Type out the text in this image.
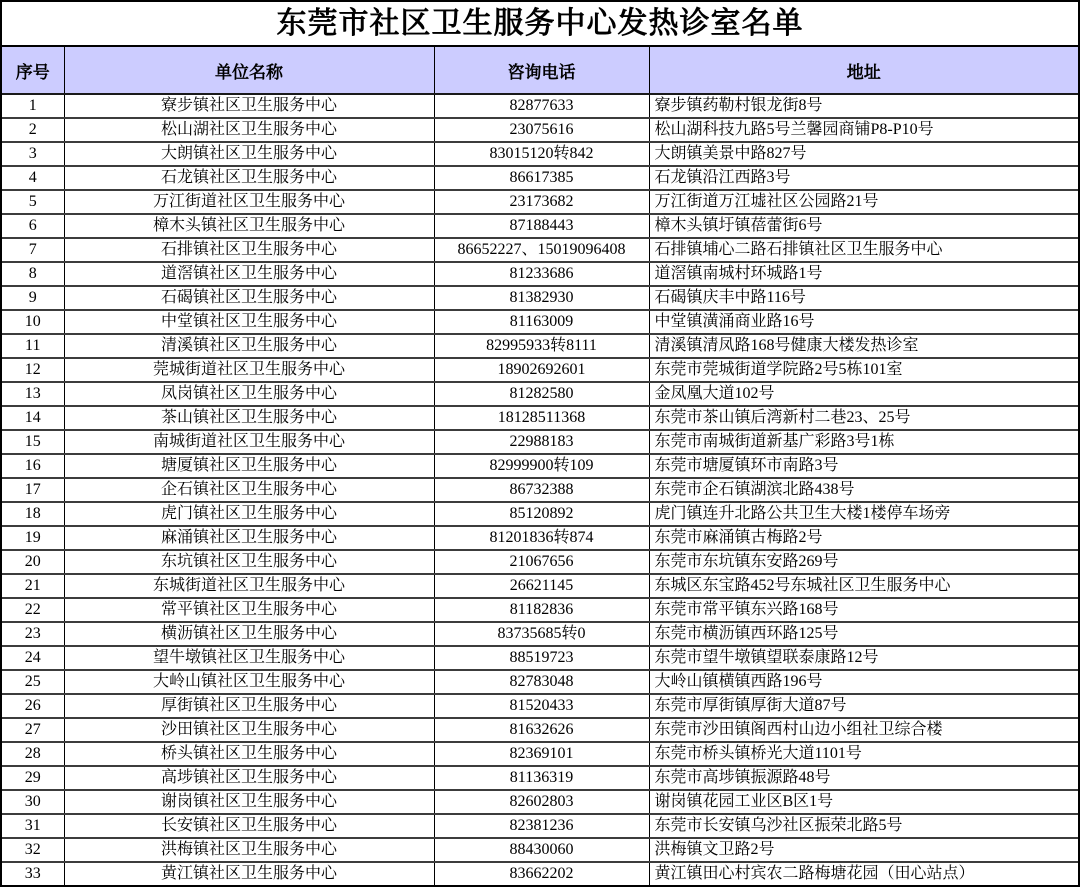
东莞市社区卫生服务中心发热诊室名单
序号	单位名称	咨询电话	地址
1	寮步镇社区卫生服务中心	82877633	寮步镇药勒村银龙街8号
2	松山湖社区卫生服务中心	23075616	松山湖科技九路5号兰馨园商铺P8-P10号
3	大朗镇社区卫生服务中心	83015120转842	大朗镇美景中路827号
4	石龙镇社区卫生服务中心	86617385	石龙镇沿江西路3号
5	万江街道社区卫生服务中心	23173682	万江街道万江墟社区公园路21号
6	樟木头镇社区卫生服务中心	87188443	樟木头镇圩镇蓓蕾街6号
7	石排镇社区卫生服务中心	86652227、15019096408	石排镇埔心二路石排镇社区卫生服务中心
8	道滘镇社区卫生服务中心	81233686	道滘镇南城村环城路1号
9	石碣镇社区卫生服务中心	81382930	石碣镇庆丰中路116号
10	中堂镇社区卫生服务中心	81163009	中堂镇潢涌商业路16号
11	清溪镇社区卫生服务中心	82995933转8111	清溪镇清凤路168号健康大楼发热诊室
12	莞城街道社区卫生服务中心	18902692601	东莞市莞城街道学院路2号5栋101室
13	凤岗镇社区卫生服务中心	81282580	金凤凰大道102号
14	茶山镇社区卫生服务中心	18128511368	东莞市茶山镇后湾新村二巷23、25号
15	南城街道社区卫生服务中心	22988183	东莞市南城街道新基广彩路3号1栋
16	塘厦镇社区卫生服务中心	82999900转109	东莞市塘厦镇环市南路3号
17	企石镇社区卫生服务中心	86732388	东莞市企石镇湖滨北路438号
18	虎门镇社区卫生服务中心	85120892	虎门镇连升北路公共卫生大楼1楼停车场旁
19	麻涌镇社区卫生服务中心	81201836转874	东莞市麻涌镇古梅路2号
20	东坑镇社区卫生服务中心	21067656	东莞市东坑镇东安路269号
21	东城街道社区卫生服务中心	26621145	东城区东宝路452号东城社区卫生服务中心
22	常平镇社区卫生服务中心	81182836	东莞市常平镇东兴路168号
23	横沥镇社区卫生服务中心	83735685转0	东莞市横沥镇西环路125号
24	望牛墩镇社区卫生服务中心	88519723	东莞市望牛墩镇望联泰康路12号
25	大岭山镇社区卫生服务中心	82783048	大岭山镇横镇西路196号
26	厚街镇社区卫生服务中心	81520433	东莞市厚街镇厚街大道87号
27	沙田镇社区卫生服务中心	81632626	东莞市沙田镇阁西村山边小组社卫综合楼
28	桥头镇社区卫生服务中心	82369101	东莞市桥头镇桥光大道1101号
29	高埗镇社区卫生服务中心	81136319	东莞市高埗镇振源路48号
30	谢岗镇社区卫生服务中心	82602803	谢岗镇花园工业区B区1号
31	长安镇社区卫生服务中心	82381236	东莞市长安镇乌沙社区振荣北路5号
32	洪梅镇社区卫生服务中心	88430060	洪梅镇文卫路2号
33	黄江镇社区卫生服务中心	83662202	黄江镇田心村宾农二路梅塘花园（田心站点）
